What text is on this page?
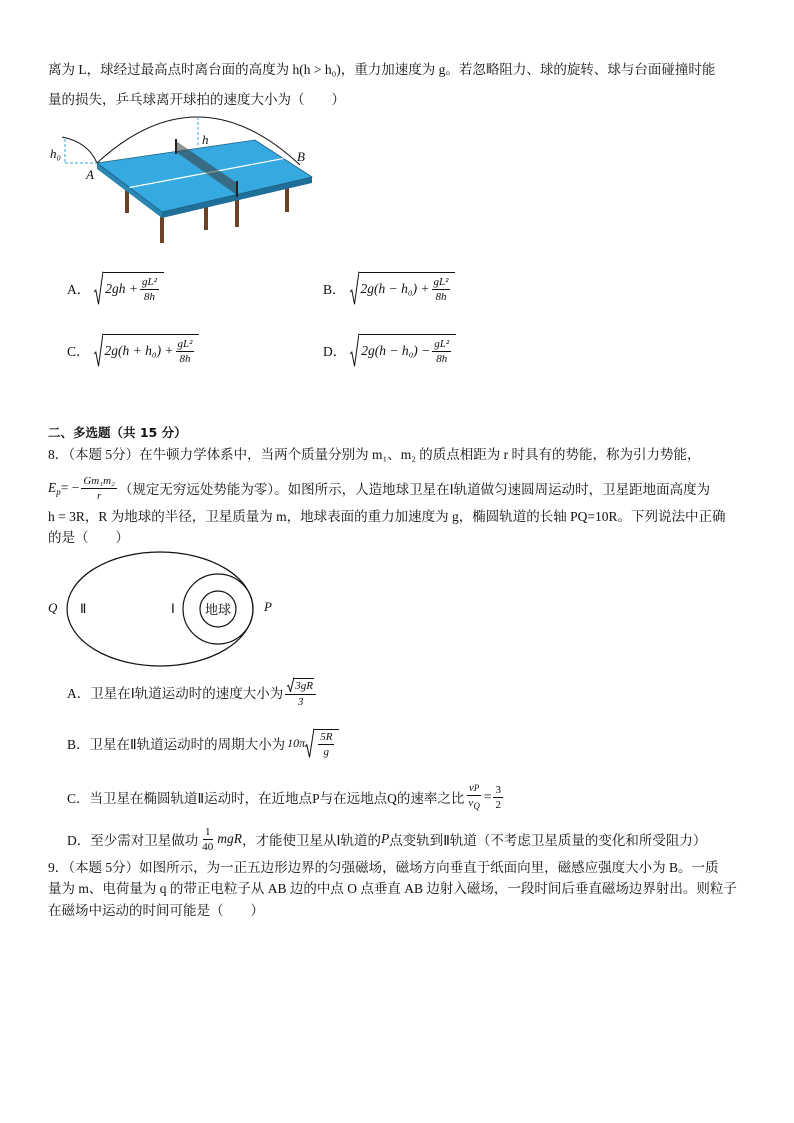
离为 L，球经过最高点时离台面的高度为 h(h > h₀)，重力加速度为 g。若忽略阻力、球的旋转、球与台面碰撞时能
量的损失，乒乓球离开球拍的速度大小为（　　）
h₀
A
h
B
A． $2gh + \frac{\text{gL²}}{8h}$	B． $2g(h - h_0) + \frac{\text{gL²}}{8h}$
C． $2g(h + h_0) + \frac{\text{gL²}}{8h}$	D． $2g(h - h_0) - \frac{\text{gL²}}{8h}$
二、多选题（共 15 分）
8．（本题 5分）在牛顿力学体系中，当两个质量分别为 m₁、m₂ 的质点相距为 r 时具有的势能，称为引力势能，
$E_p$ = − $\frac{\text{Gm₁m₂}}{r}$ （规定无穷远处势能为零）。如图所示，人造地球卫星在Ⅰ轨道做匀速圆周运动时，卫星距地面高度为
h = 3R，R 为地球的半径，卫星质量为 m，地球表面的重力加速度为 g，椭圆轨道的长轴 PQ=10R。下列说法中正确
的是（　　）
Q Ⅱ	Ⅰ 地球	P
A． 卫星在Ⅰ轨道运动时的速度大小为 $\frac{3gR}{3}$
B． 卫星在Ⅱ轨道运动时的周期大小为 $10\pi \frac{5R}{g}$
C． 当卫星在椭圆轨道Ⅱ运动时，在近地点P与在远地点Q的速率之比 $\frac{\text{v P}}{v_Q} = \frac{3}{2}$
D． 至少需对卫星做功 $\frac{1}{40}$ mgR ，才能使卫星从Ⅰ轨道的 P 点变轨到Ⅱ轨道（不考虑卫星质量的变化和所受阻力）
9．（本题 5分）如图所示，为一正五边形边界的匀强磁场，磁场方向垂直于纸面向里，磁感应强度大小为 B。一质
量为 m、电荷量为 q 的带正电粒子从 AB 边的中点 O 点垂直 AB 边射入磁场，一段时间后垂直磁场边界射出。则粒子
在磁场中运动的时间可能是（　　）
